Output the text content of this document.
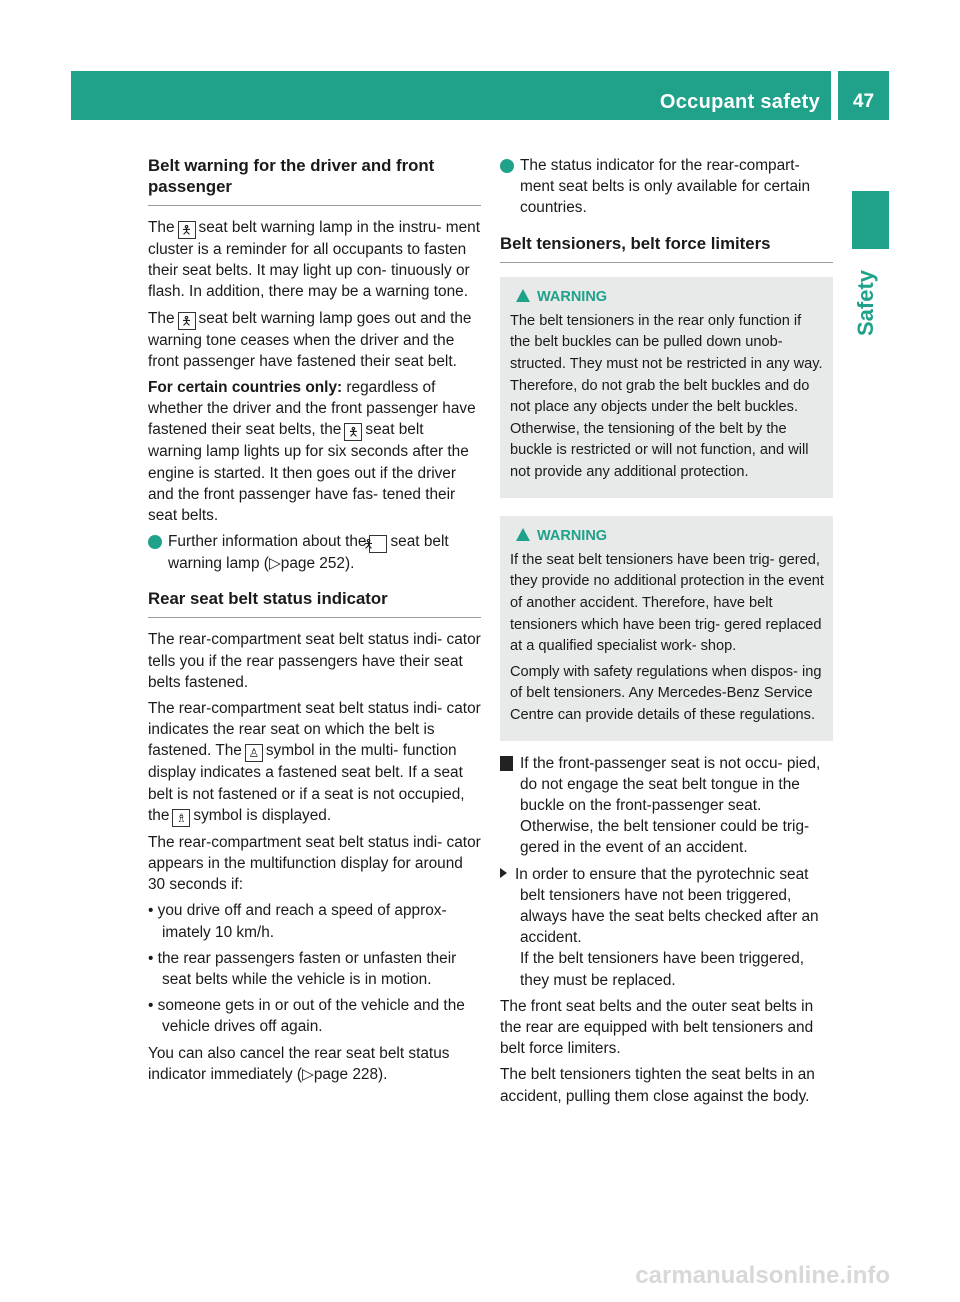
Occupant safety	47
Safety
Belt warning for the driver and front passenger

The 🯅 seat belt warning lamp in the instru- ment cluster is a reminder for all occupants to fasten their seat belts. It may light up con- tinuously or flash. In addition, there may be a warning tone.

The 🯅 seat belt warning lamp goes out and the warning tone ceases when the driver and the front passenger have fastened their seat belt.

For certain countries only: regardless of whether the driver and the front passenger have fastened their seat belts, the 🯅 seat belt warning lamp lights up for six seconds after the engine is started. It then goes out if the driver and the front passenger have fas- tened their seat belts.

i Further information about the🯅 seat belt warning lamp (▷page 252).

Rear seat belt status indicator

The rear-compartment seat belt status indi- cator tells you if the rear passengers have their seat belts fastened.

The rear-compartment seat belt status indi- cator indicates the rear seat on which the belt is fastened. The ♙ symbol in the multi- function display indicates a fastened seat belt. If a seat belt is not fastened or if a seat is not occupied, the ♗ symbol is displayed.

The rear-compartment seat belt status indi- cator appears in the multifunction display for around 30 seconds if:

• you drive off and reach a speed of approx- imately 10 km/h.

• the rear passengers fasten or unfasten their seat belts while the vehicle is in motion.

• someone gets in or out of the vehicle and the vehicle drives off again.

You can also cancel the rear seat belt status indicator immediately (▷page 228).

i The status indicator for the rear-compart- ment seat belts is only available for certain countries.

Belt tensioners, belt force limiters
WARNING

The belt tensioners in the rear only function if the belt buckles can be pulled down unob- structed. They must not be restricted in any way. Therefore, do not grab the belt buckles and do not place any objects under the belt buckles. Otherwise, the tensioning of the belt by the buckle is restricted or will not function, and will not provide any additional protection.

WARNING

If the seat belt tensioners have been trig- gered, they provide no additional protection in the event of another accident. Therefore, have belt tensioners which have been trig- gered replaced at a qualified specialist work- shop.

Comply with safety regulations when dispos- ing of belt tensioners. Any Mercedes-Benz Service Centre can provide details of these regulations.

! If the front-passenger seat is not occu- pied, do not engage the seat belt tongue in the buckle on the front-passenger seat. Otherwise, the belt tensioner could be trig- gered in the event of an accident.

In order to ensure that the pyrotechnic seat belt tensioners have not been triggered, always have the seat belts checked after an accident.

If the belt tensioners have been triggered, they must be replaced.

The front seat belts and the outer seat belts in the rear are equipped with belt tensioners and belt force limiters.

The belt tensioners tighten the seat belts in an accident, pulling them close against the body.

carmanualsonline.info
